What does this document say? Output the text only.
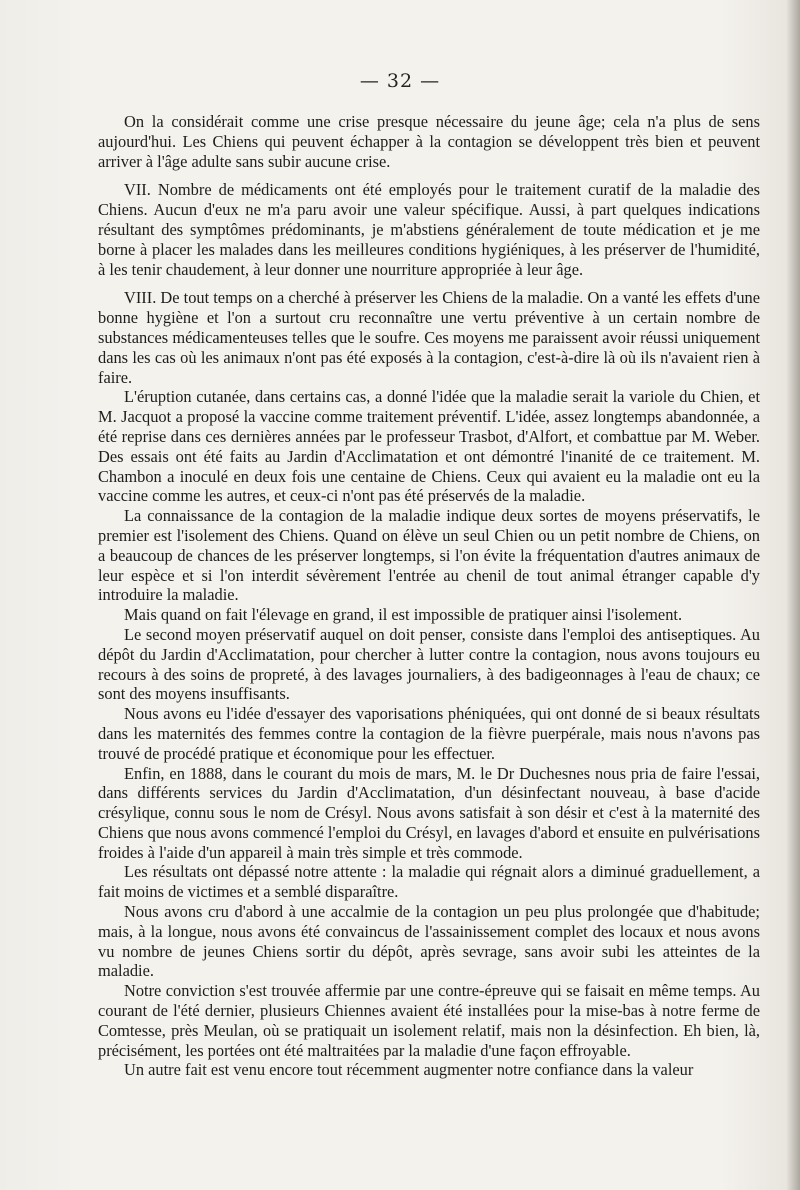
— 32 —

On la considérait comme une crise presque nécessaire du jeune âge; cela n'a plus de sens aujourd'hui. Les Chiens qui peuvent échapper à la contagion se développent très bien et peuvent arriver à l'âge adulte sans subir aucune crise.

VII. Nombre de médicaments ont été employés pour le traitement curatif de la maladie des Chiens. Aucun d'eux ne m'a paru avoir une valeur spécifique. Aussi, à part quelques indications résultant des symptômes prédominants, je m'abstiens généralement de toute médication et je me borne à placer les malades dans les meilleures conditions hygiéniques, à les préserver de l'humidité, à les tenir chaudement, à leur donner une nourriture appropriée à leur âge.

VIII. De tout temps on a cherché à préserver les Chiens de la maladie. On a vanté les effets d'une bonne hygiène et l'on a surtout cru reconnaître une vertu préventive à un certain nombre de substances médicamenteuses telles que le soufre. Ces moyens me paraissent avoir réussi uniquement dans les cas où les animaux n'ont pas été exposés à la contagion, c'est-à-dire là où ils n'avaient rien à faire.

L'éruption cutanée, dans certains cas, a donné l'idée que la maladie serait la variole du Chien, et M. Jacquot a proposé la vaccine comme traitement préventif. L'idée, assez longtemps abandonnée, a été reprise dans ces dernières années par le professeur Trasbot, d'Alfort, et combattue par M. Weber. Des essais ont été faits au Jardin d'Acclimatation et ont démontré l'inanité de ce traitement. M. Chambon a inoculé en deux fois une centaine de Chiens. Ceux qui avaient eu la maladie ont eu la vaccine comme les autres, et ceux-ci n'ont pas été préservés de la maladie.

La connaissance de la contagion de la maladie indique deux sortes de moyens préservatifs, le premier est l'isolement des Chiens. Quand on élève un seul Chien ou un petit nombre de Chiens, on a beaucoup de chances de les préserver longtemps, si l'on évite la fréquentation d'autres animaux de leur espèce et si l'on interdit sévèrement l'entrée au chenil de tout animal étranger capable d'y introduire la maladie.

Mais quand on fait l'élevage en grand, il est impossible de pratiquer ainsi l'isolement.

Le second moyen préservatif auquel on doit penser, consiste dans l'emploi des antiseptiques. Au dépôt du Jardin d'Acclimatation, pour chercher à lutter contre la contagion, nous avons toujours eu recours à des soins de propreté, à des lavages journaliers, à des badigeonnages à l'eau de chaux; ce sont des moyens insuffisants.

Nous avons eu l'idée d'essayer des vaporisations phéniquées, qui ont donné de si beaux résultats dans les maternités des femmes contre la contagion de la fièvre puerpérale, mais nous n'avons pas trouvé de procédé pratique et économique pour les effectuer.

Enfin, en 1888, dans le courant du mois de mars, M. le Dr Duchesnes nous pria de faire l'essai, dans différents services du Jardin d'Acclimatation, d'un désinfectant nouveau, à base d'acide crésylique, connu sous le nom de Crésyl. Nous avons satisfait à son désir et c'est à la maternité des Chiens que nous avons commencé l'emploi du Crésyl, en lavages d'abord et ensuite en pulvérisations froides à l'aide d'un appareil à main très simple et très commode.

Les résultats ont dépassé notre attente : la maladie qui régnait alors a diminué graduellement, a fait moins de victimes et a semblé disparaître.

Nous avons cru d'abord à une accalmie de la contagion un peu plus prolongée que d'habitude; mais, à la longue, nous avons été convaincus de l'assainissement complet des locaux et nous avons vu nombre de jeunes Chiens sortir du dépôt, après sevrage, sans avoir subi les atteintes de la maladie.

Notre conviction s'est trouvée affermie par une contre-épreuve qui se faisait en même temps. Au courant de l'été dernier, plusieurs Chiennes avaient été installées pour la mise-bas à notre ferme de Comtesse, près Meulan, où se pratiquait un isolement relatif, mais non la désinfection. Eh bien, là, précisément, les portées ont été maltraitées par la maladie d'une façon effroyable.

Un autre fait est venu encore tout récemment augmenter notre confiance dans la valeur
